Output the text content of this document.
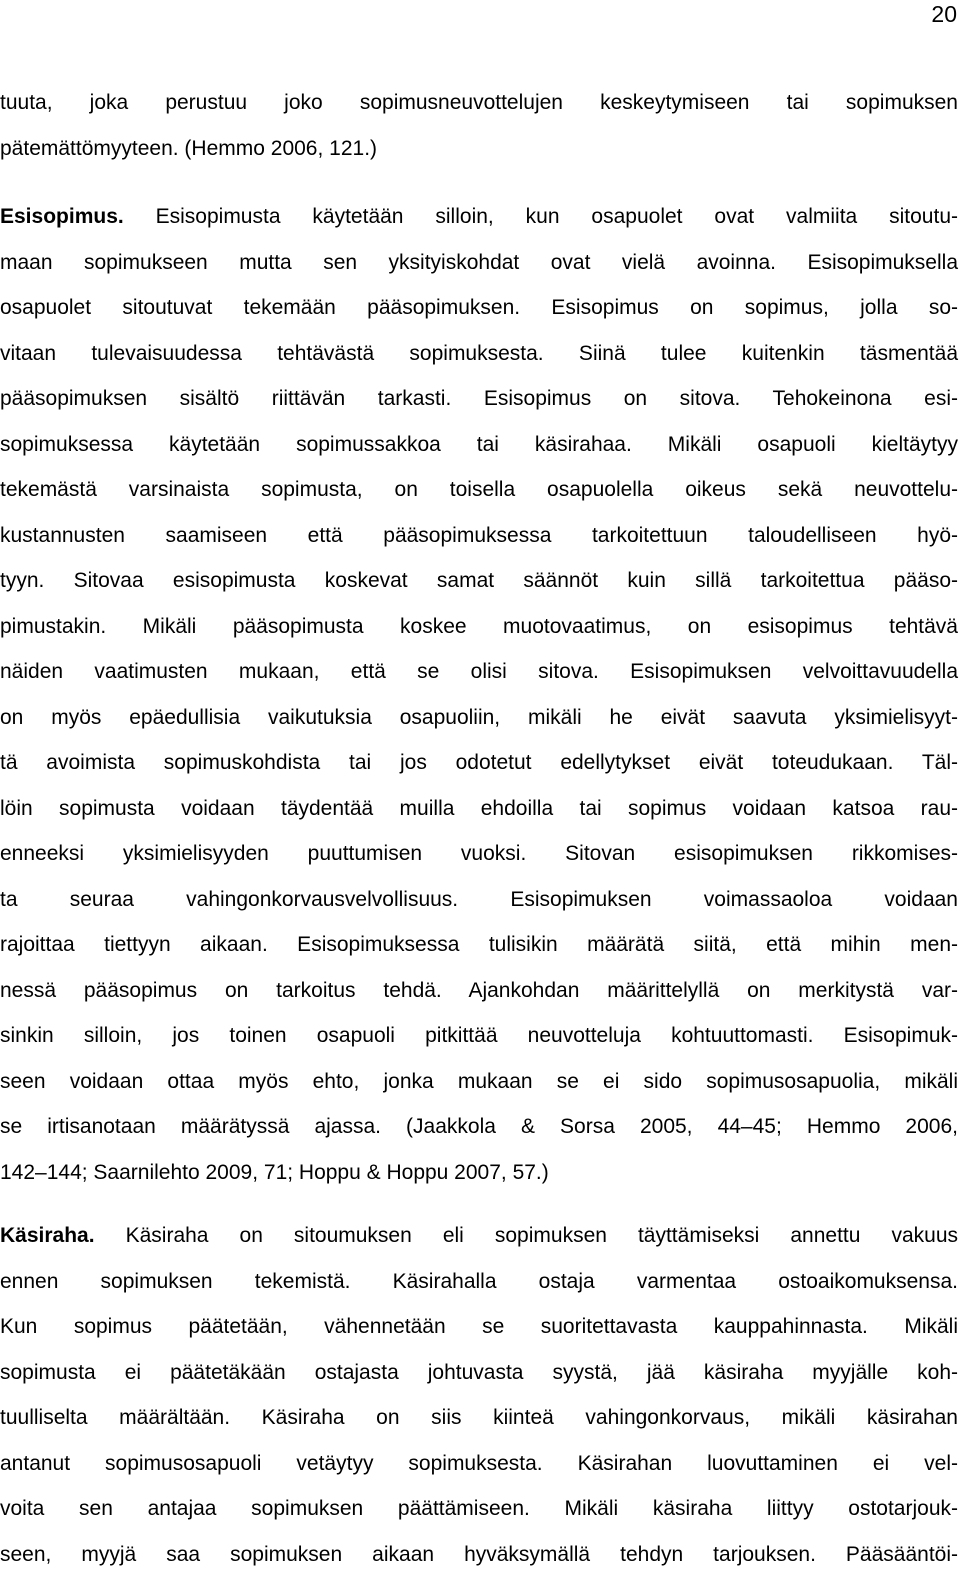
20
tuuta, joka perustuu joko sopimusneuvottelujen keskeytymiseen tai sopimuksen
pätemättömyyteen. (Hemmo 2006, 121.)
Esisopimus. Esisopimusta käytetään silloin, kun osapuolet ovat valmiita sitoutu-
maan sopimukseen mutta sen yksityiskohdat ovat vielä avoinna. Esisopimuksella
osapuolet sitoutuvat tekemään pääsopimuksen. Esisopimus on sopimus, jolla so-
vitaan tulevaisuudessa tehtävästä sopimuksesta. Siinä tulee kuitenkin täsmentää
pääsopimuksen sisältö riittävän tarkasti. Esisopimus on sitova. Tehokeinona esi-
sopimuksessa käytetään sopimussakkoa tai käsirahaa. Mikäli osapuoli kieltäytyy
tekemästä varsinaista sopimusta, on toisella osapuolella oikeus sekä neuvottelu-
kustannusten saamiseen että pääsopimuksessa tarkoitettuun taloudelliseen hyö-
tyyn. Sitovaa esisopimusta koskevat samat säännöt kuin sillä tarkoitettua pääso-
pimustakin. Mikäli pääsopimusta koskee muotovaatimus, on esisopimus tehtävä
näiden vaatimusten mukaan, että se olisi sitova. Esisopimuksen velvoittavuudella
on myös epäedullisia vaikutuksia osapuoliin, mikäli he eivät saavuta yksimielisyyt-
tä avoimista sopimuskohdista tai jos odotetut edellytykset eivät toteudukaan. Täl-
löin sopimusta voidaan täydentää muilla ehdoilla tai sopimus voidaan katsoa rau-
enneeksi yksimielisyyden puuttumisen vuoksi. Sitovan esisopimuksen rikkomises-
ta seuraa vahingonkorvausvelvollisuus. Esisopimuksen voimassaoloa voidaan
rajoittaa tiettyyn aikaan. Esisopimuksessa tulisikin määrätä siitä, että mihin men-
nessä pääsopimus on tarkoitus tehdä. Ajankohdan määrittelyllä on merkitystä var-
sinkin silloin, jos toinen osapuoli pitkittää neuvotteluja kohtuuttomasti. Esisopimuk-
seen voidaan ottaa myös ehto, jonka mukaan se ei sido sopimusosapuolia, mikäli
se irtisanotaan määrätyssä ajassa. (Jaakkola & Sorsa 2005, 44–45; Hemmo 2006,
142–144; Saarnilehto 2009, 71; Hoppu & Hoppu 2007, 57.)
Käsiraha. Käsiraha on sitoumuksen eli sopimuksen täyttämiseksi annettu vakuus
ennen sopimuksen tekemistä. Käsirahalla ostaja varmentaa ostoaikomuksensa.
Kun sopimus päätetään, vähennetään se suoritettavasta kauppahinnasta. Mikäli
sopimusta ei päätetäkään ostajasta johtuvasta syystä, jää käsiraha myyjälle koh-
tuulliselta määrältään. Käsiraha on siis kiinteä vahingonkorvaus, mikäli käsirahan
antanut sopimusosapuoli vetäytyy sopimuksesta. Käsirahan luovuttaminen ei vel-
voita sen antajaa sopimuksen päättämiseen. Mikäli käsiraha liittyy ostotarjouk-
seen, myyjä saa sopimuksen aikaan hyväksymällä tehdyn tarjouksen. Pääsääntöi-
